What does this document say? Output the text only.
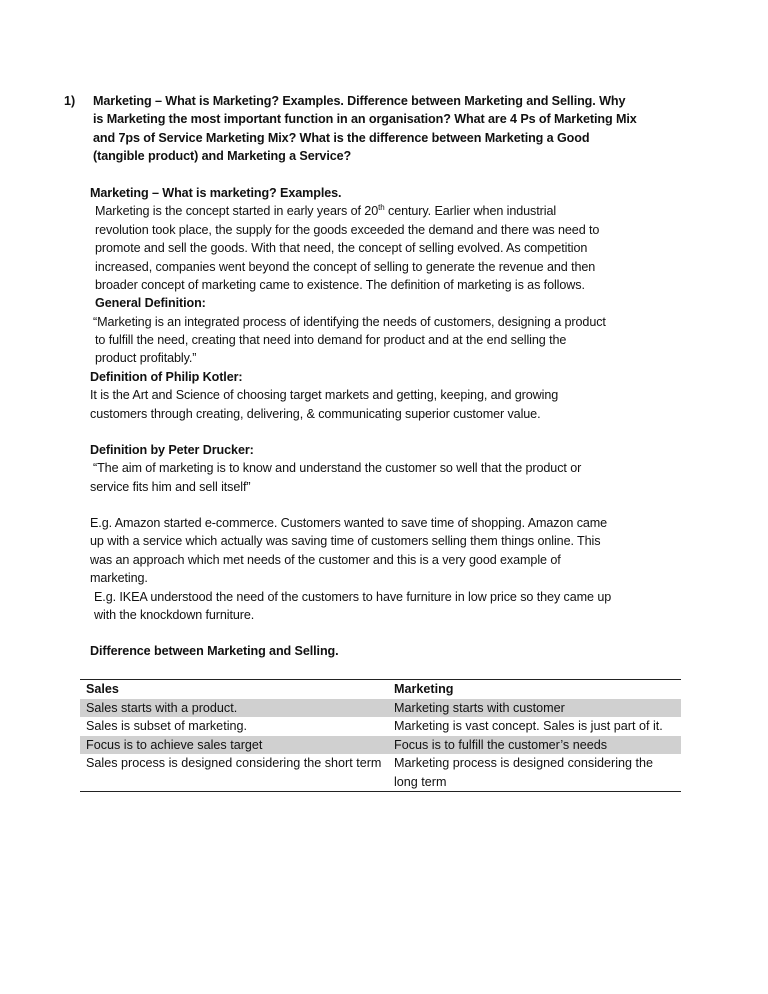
1) Marketing – What is Marketing? Examples. Difference between Marketing and Selling. Why
is Marketing the most important function in an organisation? What are 4 Ps of Marketing Mix
and 7ps of Service Marketing Mix? What is the difference between Marketing a Good
(tangible product) and Marketing a Service?
Marketing – What is marketing? Examples.
Marketing is the concept started in early years of 20th century. Earlier when industrial
revolution took place, the supply for the goods exceeded the demand and there was need to
promote and sell the goods. With that need, the concept of selling evolved. As competition
increased, companies went beyond the concept of selling to generate the revenue and then
broader concept of marketing came to existence. The definition of marketing is as follows.
General Definition:
“Marketing is an integrated process of identifying the needs of customers, designing a product
to fulfill the need, creating that need into demand for product and at the end selling the
product profitably.”
Definition of Philip Kotler:
It is the Art and Science of choosing target markets and getting, keeping, and growing
customers through creating, delivering, & communicating superior customer value.
Definition by Peter Drucker:
“The aim of marketing is to know and understand the customer so well that the product or
service fits him and sell itself”
E.g. Amazon started e-commerce. Customers wanted to save time of shopping. Amazon came
up with a service which actually was saving time of customers selling them things online. This
was an approach which met needs of the customer and this is a very good example of
marketing.
E.g. IKEA understood the need of the customers to have furniture in low price so they came up
with the knockdown furniture.
Difference between Marketing and Selling.
Sales	Marketing
Sales starts with a product.	Marketing starts with customer
Sales is subset of marketing.	Marketing is vast concept. Sales is just part of it.
Focus is to achieve sales target	Focus is to fulfill the customer’s needs
Sales process is designed considering the short term	Marketing process is designed considering the long term
